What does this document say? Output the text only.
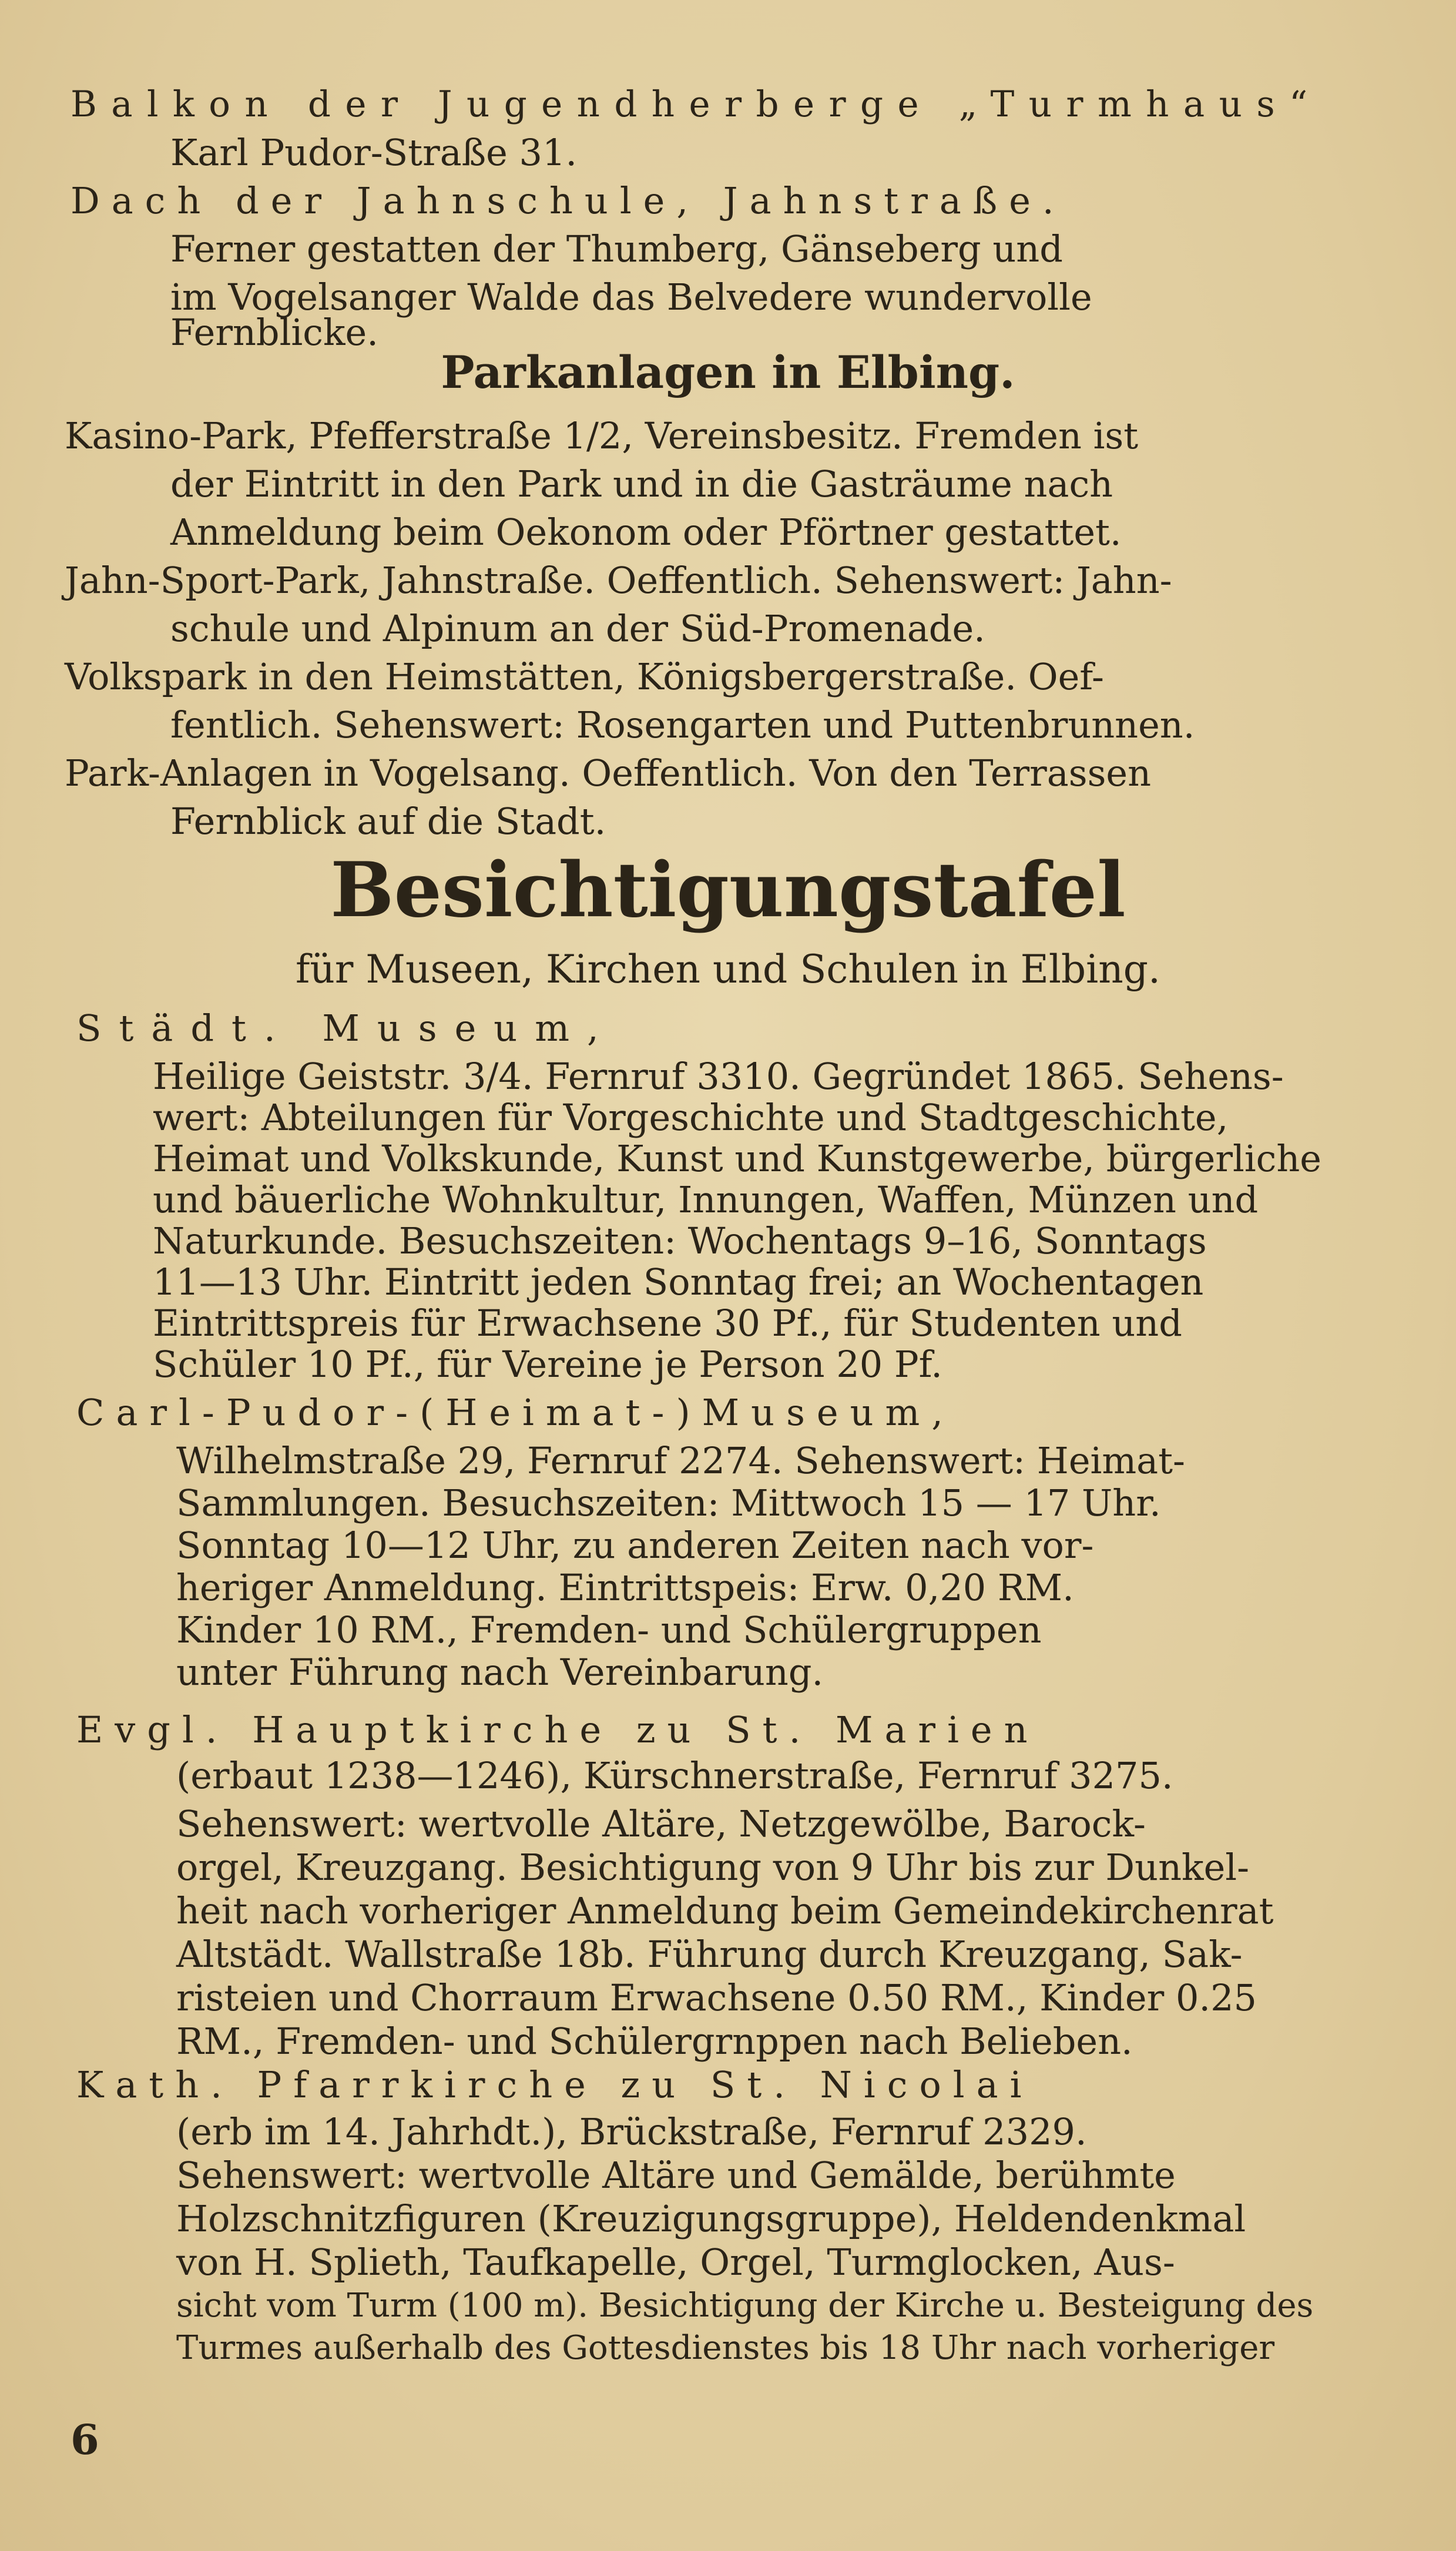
Balkon der Jugendherberge „Turmhaus“
Karl Pudor-Straße 31.
Dach der Jahnschule, Jahnstraße.
Ferner gestatten der Thumberg, Gänseberg und
im Vogelsanger Walde das Belvedere wundervolle
Fernblicke.
Parkanlagen in Elbing.
Kasino-Park, Pfefferstraße 1/2, Vereinsbesitz. Fremden ist
der Eintritt in den Park und in die Gasträume nach
Anmeldung beim Oekonom oder Pförtner gestattet.
Jahn-Sport-Park, Jahnstraße. Oeffentlich. Sehenswert: Jahn-
schule und Alpinum an der Süd-Promenade.
Volkspark in den Heimstätten, Königsbergerstraße. Oef-
fentlich. Sehenswert: Rosengarten und Puttenbrunnen.
Park-Anlagen in Vogelsang. Oeffentlich. Von den Terrassen
Fernblick auf die Stadt.
Besichtigungstafel
für Museen, Kirchen und Schulen in Elbing.
Städt. Museum,
Heilige Geiststr. 3/4. Fernruf 3310. Gegründet 1865. Sehens-
wert: Abteilungen für Vorgeschichte und Stadtgeschichte,
Heimat und Volkskunde, Kunst und Kunstgewerbe, bürgerliche
und bäuerliche Wohnkultur, Innungen, Waffen, Münzen und
Naturkunde. Besuchszeiten: Wochentags 9–16, Sonntags
11—13 Uhr. Eintritt jeden Sonntag frei; an Wochentagen
Eintrittspreis für Erwachsene 30 Pf., für Studenten und
Schüler 10 Pf., für Vereine je Person 20 Pf.
Carl-Pudor-(Heimat-)Museum,
Wilhelmstraße 29, Fernruf 2274. Sehenswert: Heimat-
Sammlungen. Besuchszeiten: Mittwoch 15 — 17 Uhr.
Sonntag 10—12 Uhr, zu anderen Zeiten nach vor-
heriger Anmeldung. Eintrittspeis: Erw. 0,20 RM.
Kinder 10 RM., Fremden- und Schülergruppen
unter Führung nach Vereinbarung.
Evgl. Hauptkirche zu St. Marien
(erbaut 1238—1246), Kürschnerstraße, Fernruf 3275.
Sehenswert: wertvolle Altäre, Netzgewölbe, Barock-
orgel, Kreuzgang. Besichtigung von 9 Uhr bis zur Dunkel-
heit nach vorheriger Anmeldung beim Gemeindekirchenrat
Altstädt. Wallstraße 18b. Führung durch Kreuzgang, Sak-
risteien und Chorraum Erwachsene 0.50 RM., Kinder 0.25
RM., Fremden- und Schülergrnppen nach Belieben.
Kath. Pfarrkirche zu St. Nicolai
(erb im 14. Jahrhdt.), Brückstraße, Fernruf 2329.
Sehenswert: wertvolle Altäre und Gemälde, berühmte
Holzschnitzfiguren (Kreuzigungsgruppe), Heldendenkmal
von H. Splieth, Taufkapelle, Orgel, Turmglocken, Aus-
sicht vom Turm (100 m). Besichtigung der Kirche u. Besteigung des
Turmes außerhalb des Gottesdienstes bis 18 Uhr nach vorheriger
6
